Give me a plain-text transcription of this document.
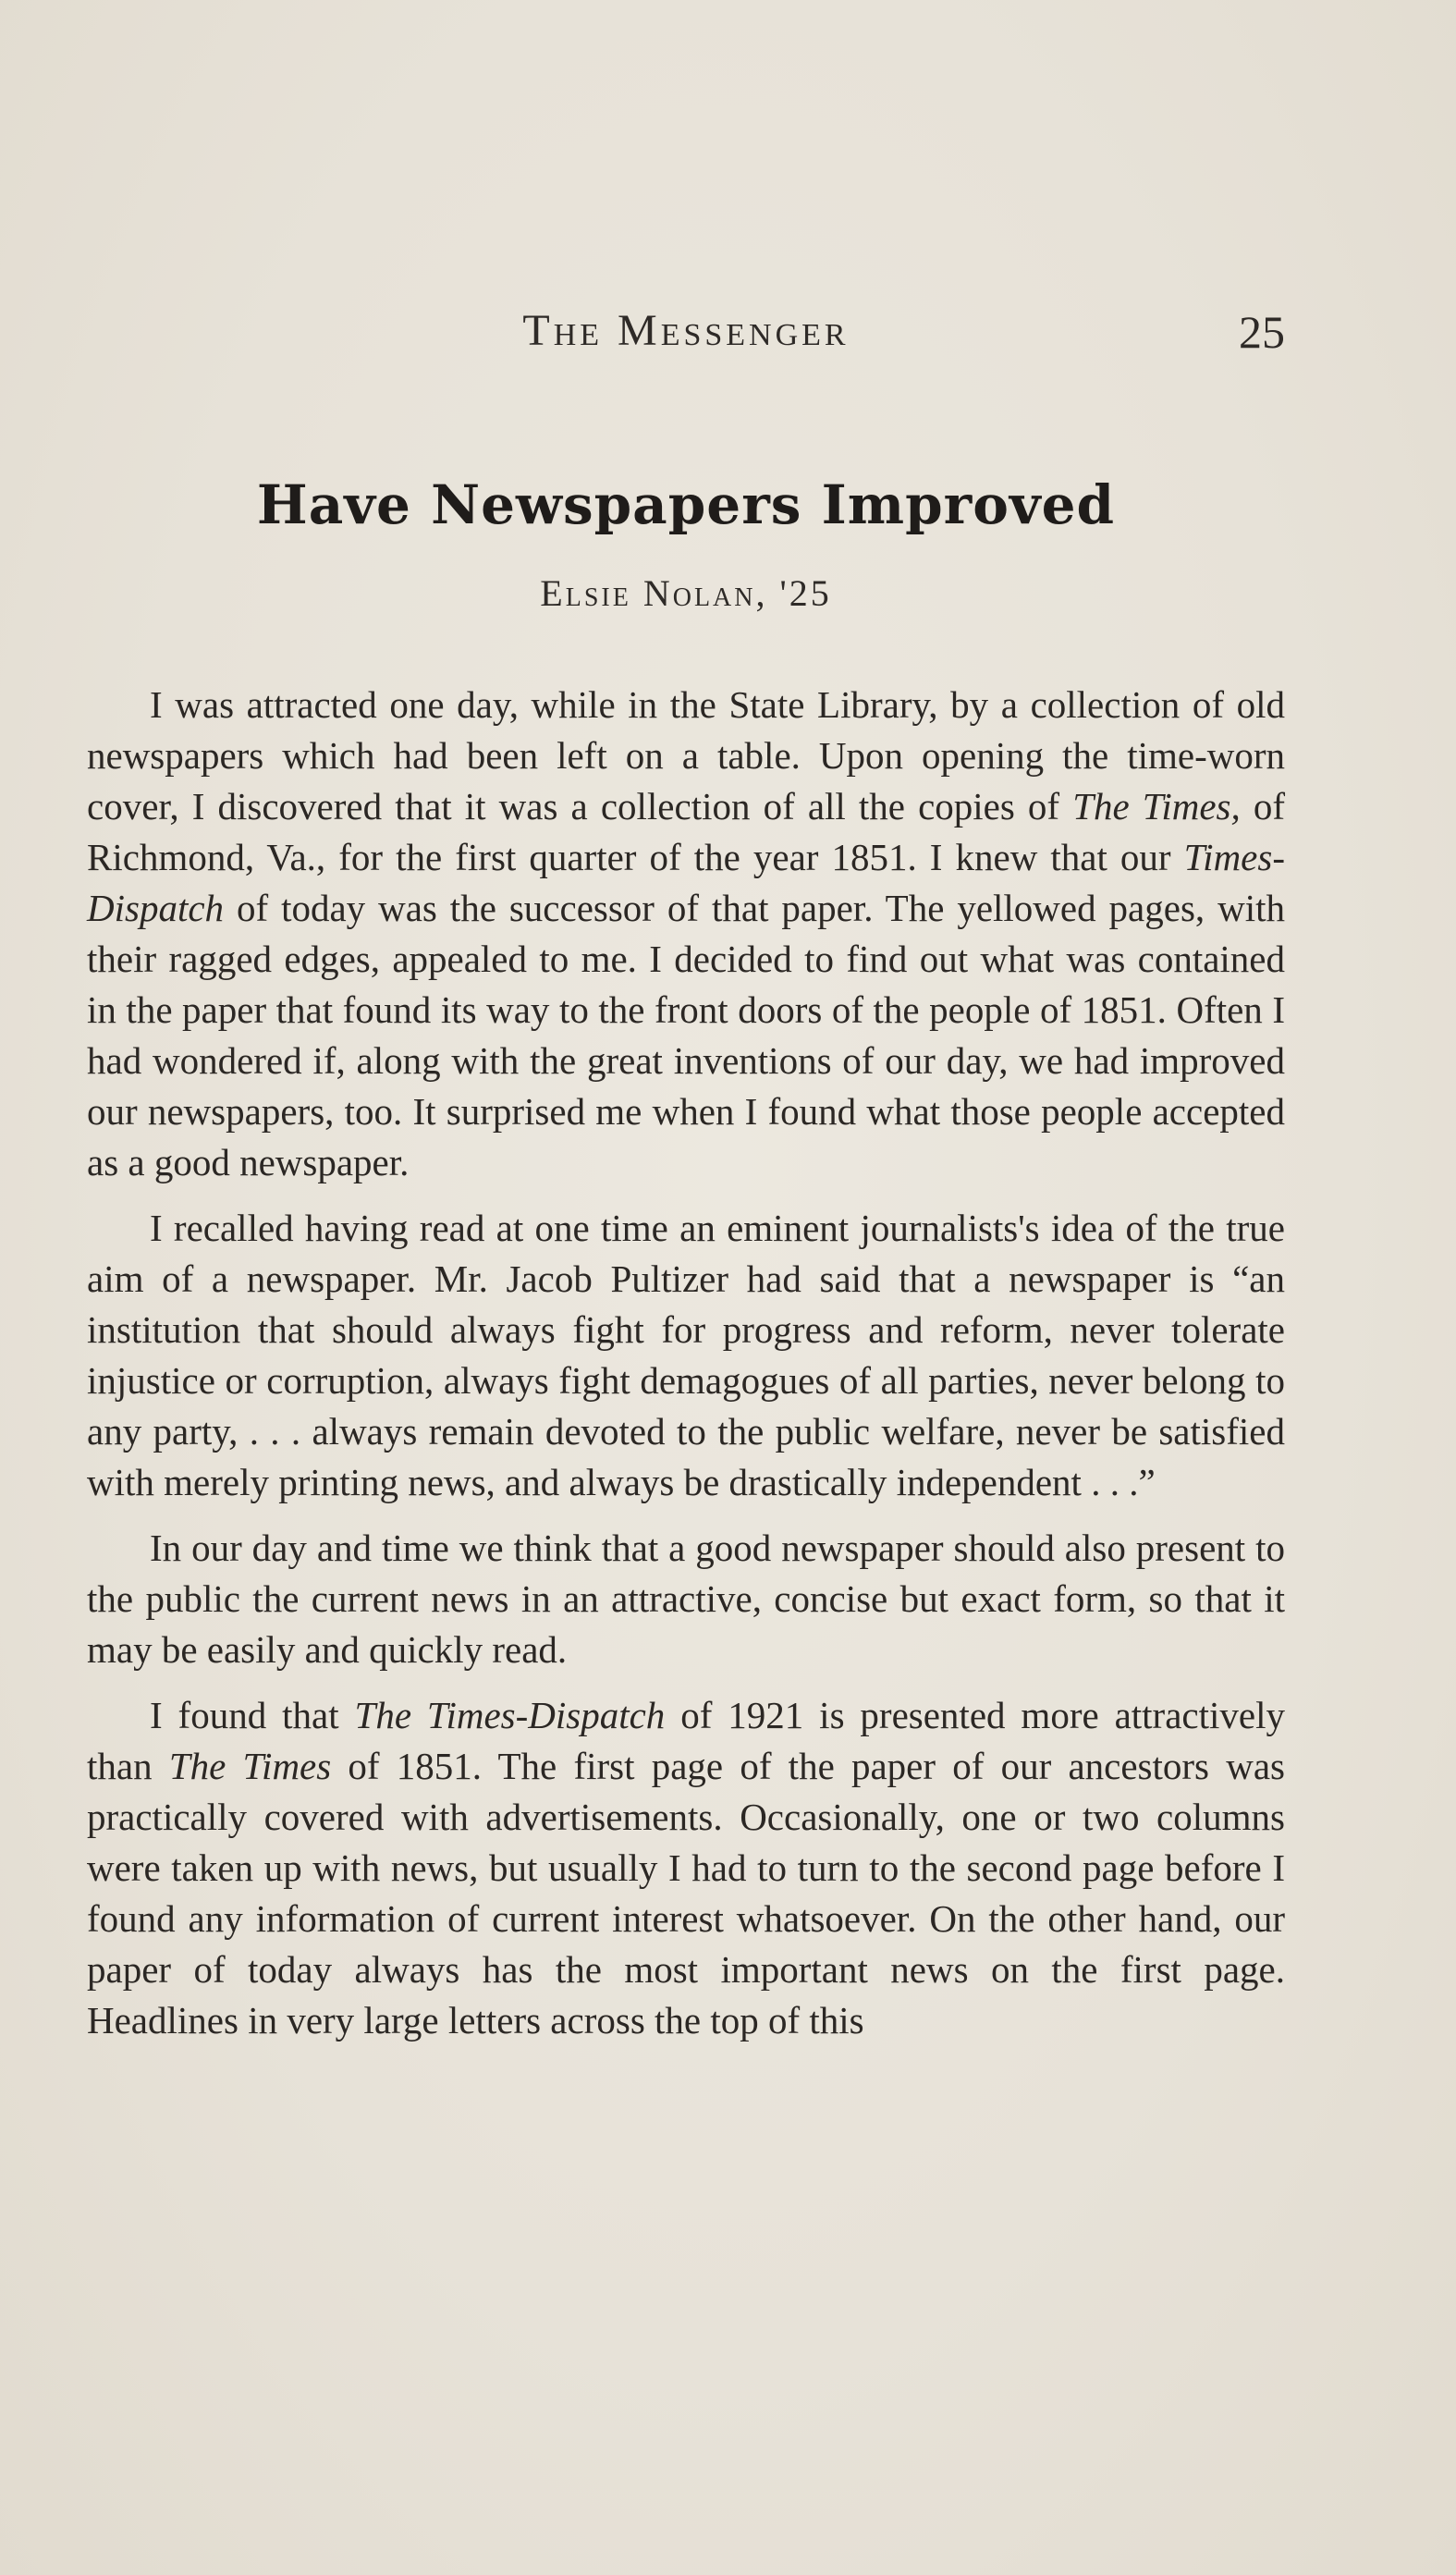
The Messenger	25
Have Newspapers Improved
Elsie Nolan, '25

I was attracted one day, while in the State Library, by a collection of old newspapers which had been left on a table. Upon opening the time-worn cover, I discovered that it was a collection of all the copies of The Times, of Richmond, Va., for the first quarter of the year 1851. I knew that our Times-Dispatch of today was the successor of that paper. The yellowed pages, with their ragged edges, appealed to me. I decided to find out what was contained in the paper that found its way to the front doors of the people of 1851. Often I had wondered if, along with the great inventions of our day, we had improved our newspapers, too. It surprised me when I found what those people accepted as a good newspaper.

I recalled having read at one time an eminent journalists's idea of the true aim of a newspaper. Mr. Jacob Pultizer had said that a newspaper is “an institution that should always fight for progress and reform, never tolerate injustice or corruption, always fight demagogues of all parties, never belong to any party, . . . always remain devoted to the public welfare, never be satisfied with merely printing news, and always be drastically independent . . .”

In our day and time we think that a good newspaper should also present to the public the current news in an attractive, concise but exact form, so that it may be easily and quickly read.

I found that The Times-Dispatch of 1921 is presented more attractively than The Times of 1851. The first page of the paper of our ancestors was practically covered with advertisements. Occasionally, one or two columns were taken up with news, but usually I had to turn to the second page before I found any information of current interest whatsoever. On the other hand, our paper of today always has the most important news on the first page. Headlines in very large letters across the top of this
